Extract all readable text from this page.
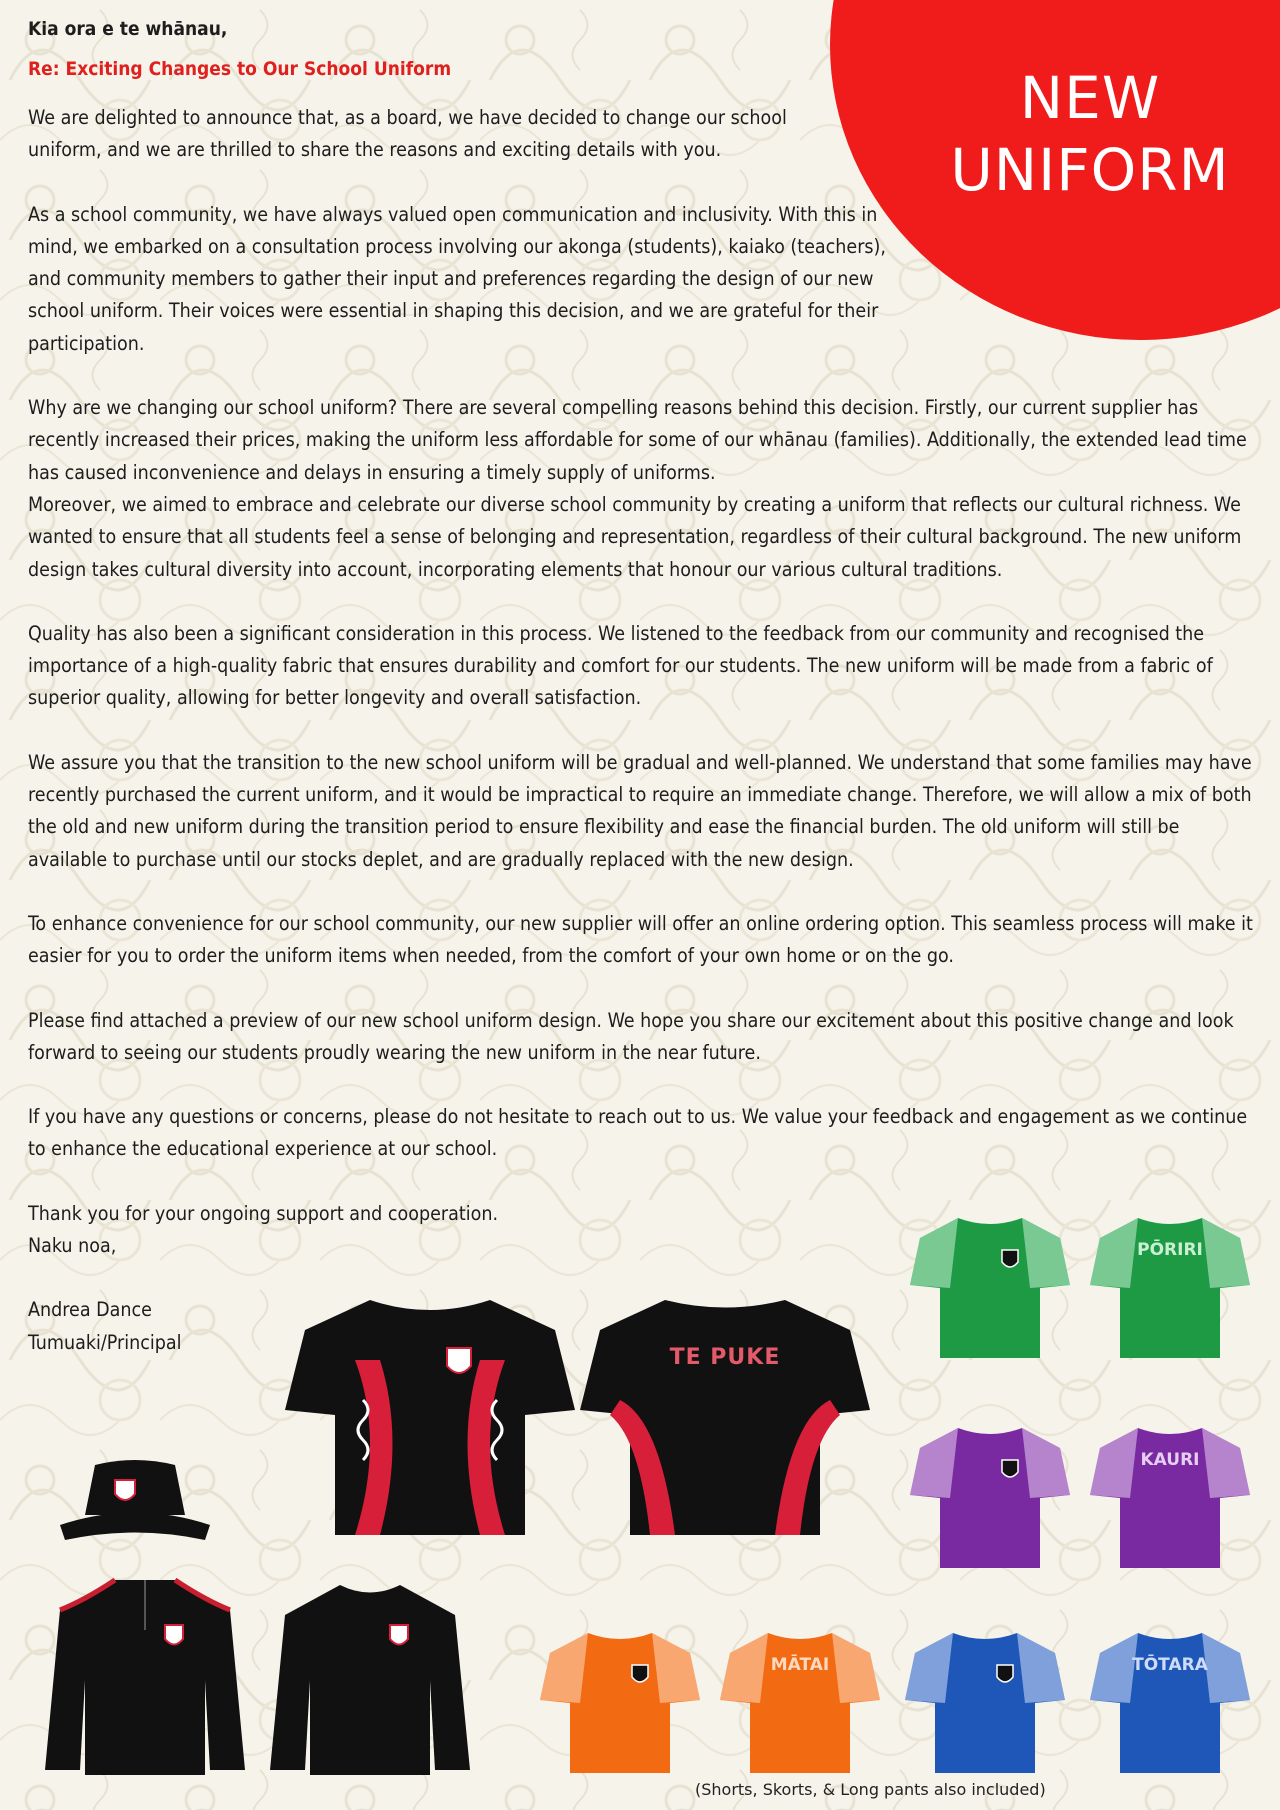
NEW
UNIFORM

Kia ora e te whānau,

Re: Exciting Changes to Our School Uniform

We are delighted to announce that, as a board, we have decided to change our school uniform, and we are thrilled to share the reasons and exciting details with you.

As a school community, we have always valued open communication and inclusivity. With this in mind, we embarked on a consultation process involving our akonga (students), kaiako (teachers), and community members to gather their input and preferences regarding the design of our new school uniform. Their voices were essential in shaping this decision, and we are grateful for their participation.

Why are we changing our school uniform? There are several compelling reasons behind this decision. Firstly, our current supplier has recently increased their prices, making the uniform less affordable for some of our whānau (families). Additionally, the extended lead time has caused inconvenience and delays in ensuring a timely supply of uniforms.

Moreover, we aimed to embrace and celebrate our diverse school community by creating a uniform that reflects our cultural richness. We wanted to ensure that all students feel a sense of belonging and representation, regardless of their cultural background. The new uniform design takes cultural diversity into account, incorporating elements that honour our various cultural traditions.

Quality has also been a significant consideration in this process. We listened to the feedback from our community and recognised the importance of a high-quality fabric that ensures durability and comfort for our students. The new uniform will be made from a fabric of superior quality, allowing for better longevity and overall satisfaction.

We assure you that the transition to the new school uniform will be gradual and well-planned. We understand that some families may have recently purchased the current uniform, and it would be impractical to require an immediate change. Therefore, we will allow a mix of both the old and new uniform during the transition period to ensure flexibility and ease the financial burden. The old uniform will still be available to purchase until our stocks deplet, and are gradually replaced with the new design.

To enhance convenience for our school community, our new supplier will offer an online ordering option. This seamless process will make it easier for you to order the uniform items when needed, from the comfort of your own home or on the go.

Please find attached a preview of our new school uniform design. We hope you share our excitement about this positive change and look forward to seeing our students proudly wearing the new uniform in the near future.

If you have any questions or concerns, please do not hesitate to reach out to us. We value your feedback and engagement as we continue to enhance the educational experience at our school.

Thank you for your ongoing support and cooperation.
Naku noa,
Andrea Dance
Tumuaki/Principal
TE PUKE
PŌRIRI
KAURI
MĀTAI	TŌTARA
(Shorts, Skorts, & Long pants also included)
